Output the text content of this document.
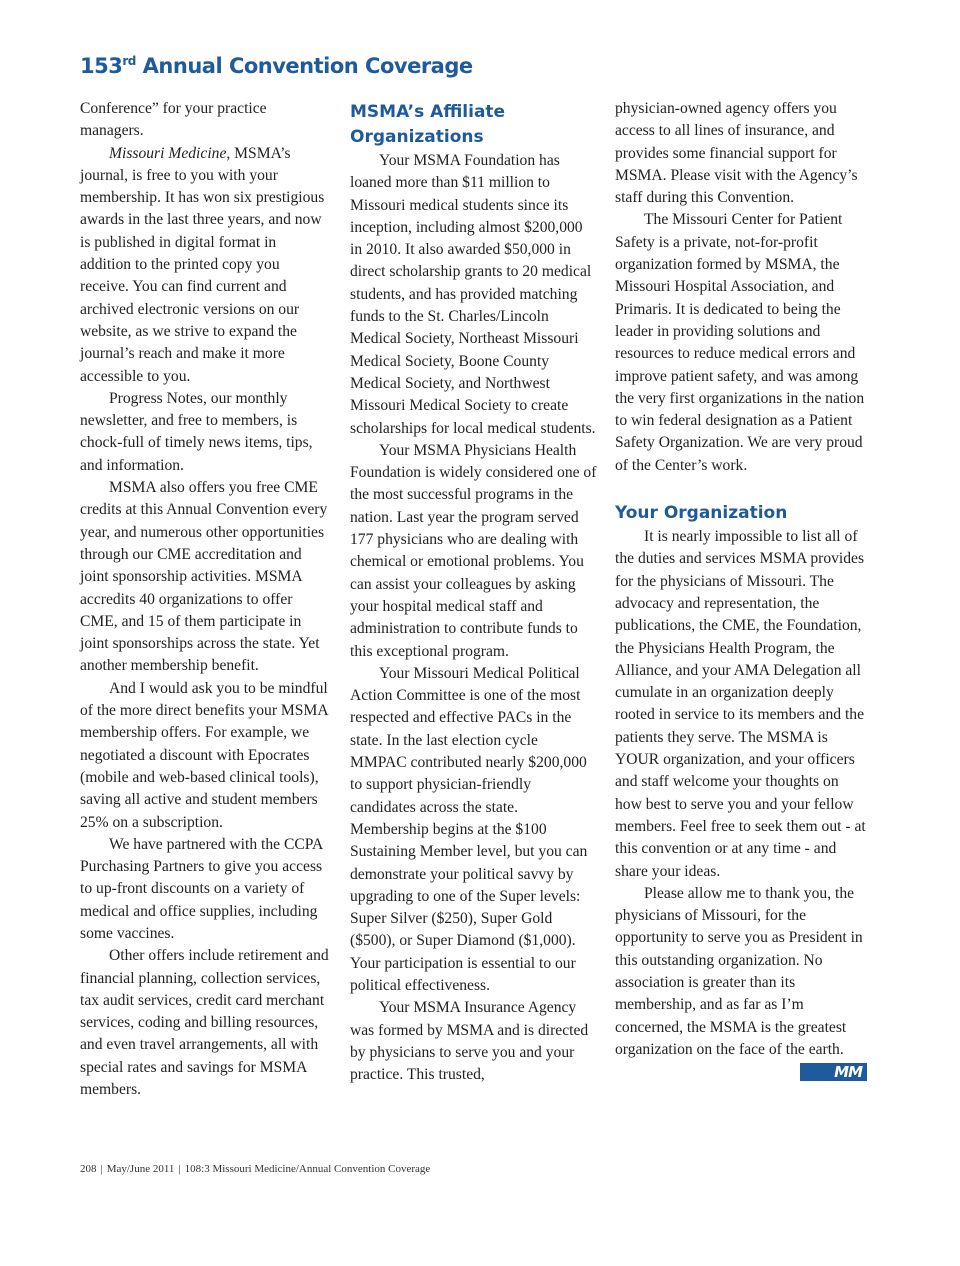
153rd Annual Convention Coverage

Conference” for your practice managers.

Missouri Medicine, MSMA’s journal, is free to you with your membership. It has won six prestigious awards in the last three years, and now is published in digital format in addition to the printed copy you receive. You can find current and archived electronic versions on our website, as we strive to expand the journal’s reach and make it more accessible to you.

Progress Notes, our monthly newsletter, and free to members, is chock-full of timely news items, tips, and information.

MSMA also offers you free CME credits at this Annual Convention every year, and numerous other opportunities through our CME accreditation and joint sponsorship activities. MSMA accredits 40 organizations to offer CME, and 15 of them participate in joint sponsorships across the state. Yet another membership benefit.

And I would ask you to be mindful of the more direct benefits your MSMA membership offers. For example, we negotiated a discount with Epocrates (mobile and web-based clinical tools), saving all active and student members 25% on a subscription.

We have partnered with the CCPA Purchasing Partners to give you access to up-front discounts on a variety of medical and office supplies, including some vaccines.

Other offers include retirement and financial planning, collection services, tax audit services, credit card merchant services, coding and billing resources, and even travel arrangements, all with special rates and savings for MSMA members.

MSMA’s Affiliate Organizations

Your MSMA Foundation has loaned more than $11 million to Missouri medical students since its inception, including almost $200,000 in 2010. It also awarded $50,000 in direct scholarship grants to 20 medical students, and has provided matching funds to the St. Charles/Lincoln Medical Society, Northeast Missouri Medical Society, Boone County Medical Society, and Northwest Missouri Medical Society to create scholarships for local medical students.

Your MSMA Physicians Health Foundation is widely considered one of the most successful programs in the nation. Last year the program served 177 physicians who are dealing with chemical or emotional problems. You can assist your colleagues by asking your hospital medical staff and administration to contribute funds to this exceptional program.

Your Missouri Medical Political Action Committee is one of the most respected and effective PACs in the state. In the last election cycle MMPAC contributed nearly $200,000 to support physician-friendly candidates across the state. Membership begins at the $100 Sustaining Member level, but you can demonstrate your political savvy by upgrading to one of the Super levels: Super Silver ($250), Super Gold ($500), or Super Diamond ($1,000). Your participation is essential to our political effectiveness.

Your MSMA Insurance Agency was formed by MSMA and is directed by physicians to serve you and your practice. This trusted,

physician-owned agency offers you access to all lines of insurance, and provides some financial support for MSMA. Please visit with the Agency’s staff during this Convention.

The Missouri Center for Patient Safety is a private, not-for-profit organization formed by MSMA, the Missouri Hospital Association, and Primaris. It is dedicated to being the leader in providing solutions and resources to reduce medical errors and improve patient safety, and was among the very first organizations in the nation to win federal designation as a Patient Safety Organization. We are very proud of the Center’s work.

Your Organization

It is nearly impossible to list all of the duties and services MSMA provides for the physicians of Missouri. The advocacy and representation, the publications, the CME, the Foundation, the Physicians Health Program, the Alliance, and your AMA Delegation all cumulate in an organization deeply rooted in service to its members and the patients they serve. The MSMA is YOUR organization, and your officers and staff welcome your thoughts on how best to serve you and your fellow members. Feel free to seek them out - at this convention or at any time - and share your ideas.

Please allow me to thank you, the physicians of Missouri, for the opportunity to serve you as President in this outstanding organization. No association is greater than its membership, and as far as I’m concerned, the MSMA is the greatest organization on the face of the earth.
MM

208 | May/June 2011 | 108:3 Missouri Medicine/Annual Convention Coverage
